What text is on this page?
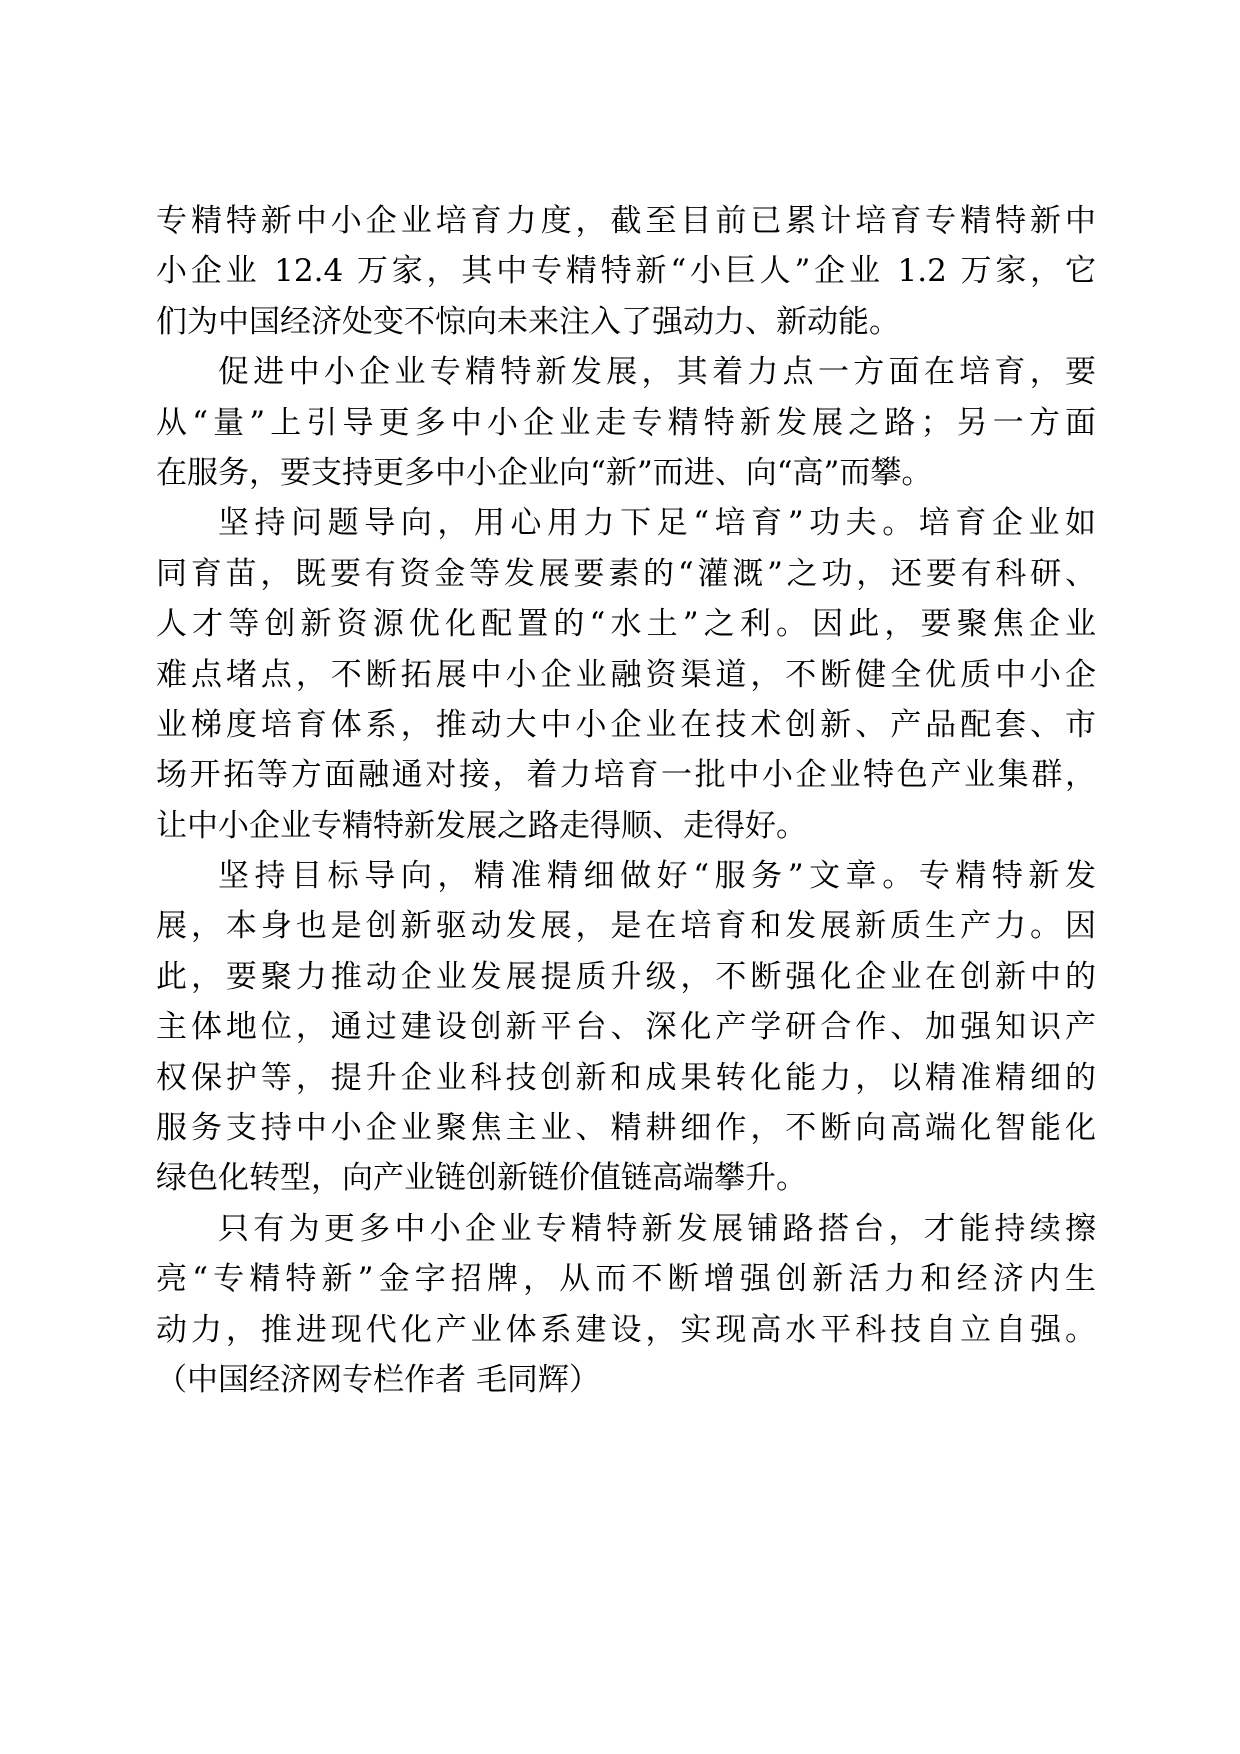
专精特新中小企业培育力度，截至目前已累计培育专精特新中
小企业 12.4 万家，其中专精特新“小巨人”企业 1.2 万家，它
们为中国经济处变不惊向未来注入了强动力、新动能。
促进中小企业专精特新发展，其着力点一方面在培育，要
从“量”上引导更多中小企业走专精特新发展之路；另一方面
在服务，要支持更多中小企业向“新”而进、向“高”而攀。
坚持问题导向，用心用力下足“培育”功夫。培育企业如
同育苗，既要有资金等发展要素的“灌溉”之功，还要有科研、
人才等创新资源优化配置的“水土”之利。因此，要聚焦企业
难点堵点，不断拓展中小企业融资渠道，不断健全优质中小企
业梯度培育体系，推动大中小企业在技术创新、产品配套、市
场开拓等方面融通对接，着力培育一批中小企业特色产业集群，
让中小企业专精特新发展之路走得顺、走得好。
坚持目标导向，精准精细做好“服务”文章。专精特新发
展，本身也是创新驱动发展，是在培育和发展新质生产力。因
此，要聚力推动企业发展提质升级，不断强化企业在创新中的
主体地位，通过建设创新平台、深化产学研合作、加强知识产
权保护等，提升企业科技创新和成果转化能力，以精准精细的
服务支持中小企业聚焦主业、精耕细作，不断向高端化智能化
绿色化转型，向产业链创新链价值链高端攀升。
只有为更多中小企业专精特新发展铺路搭台，才能持续擦
亮“专精特新”金字招牌，从而不断增强创新活力和经济内生
动力，推进现代化产业体系建设，实现高水平科技自立自强。
（中国经济网专栏作者 毛同辉）
